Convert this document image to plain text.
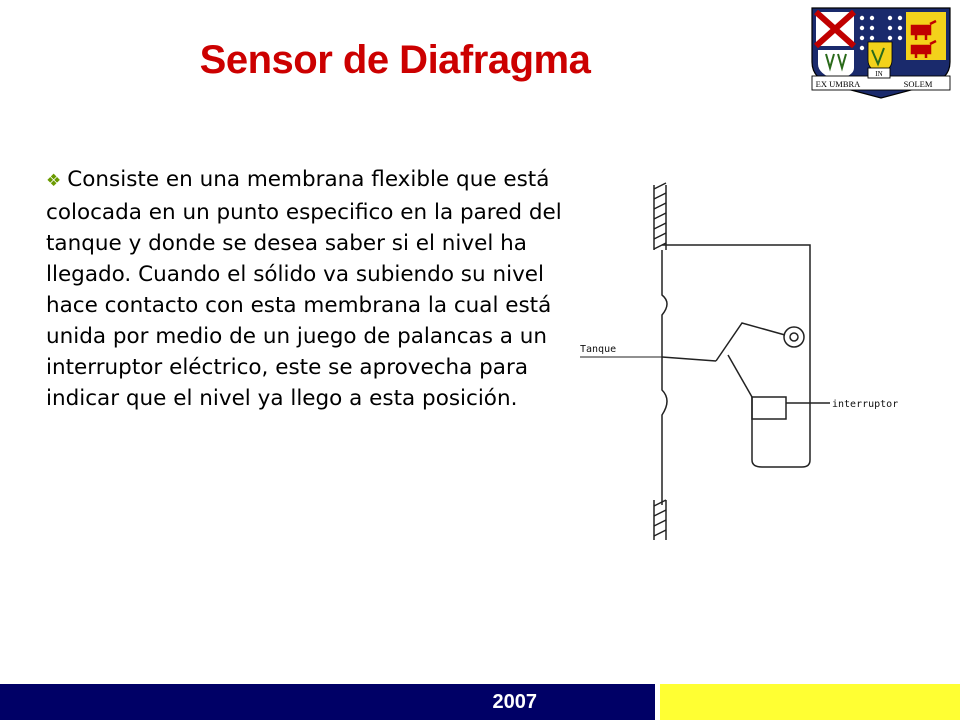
Sensor de Diafragma
EX UMBRA
IN
SOLEM

❖ Consiste en una membrana flexible que está colocada en un punto especifico en la pared del tanque y donde se desea saber si el nivel ha llegado. Cuando el sólido va subiendo su nivel hace contacto con esta membrana la cual está unida por medio de un juego de palancas a un interruptor eléctrico, este se aprovecha para indicar que el nivel ya llego a esta posición.

Tanque
interruptor
2007
